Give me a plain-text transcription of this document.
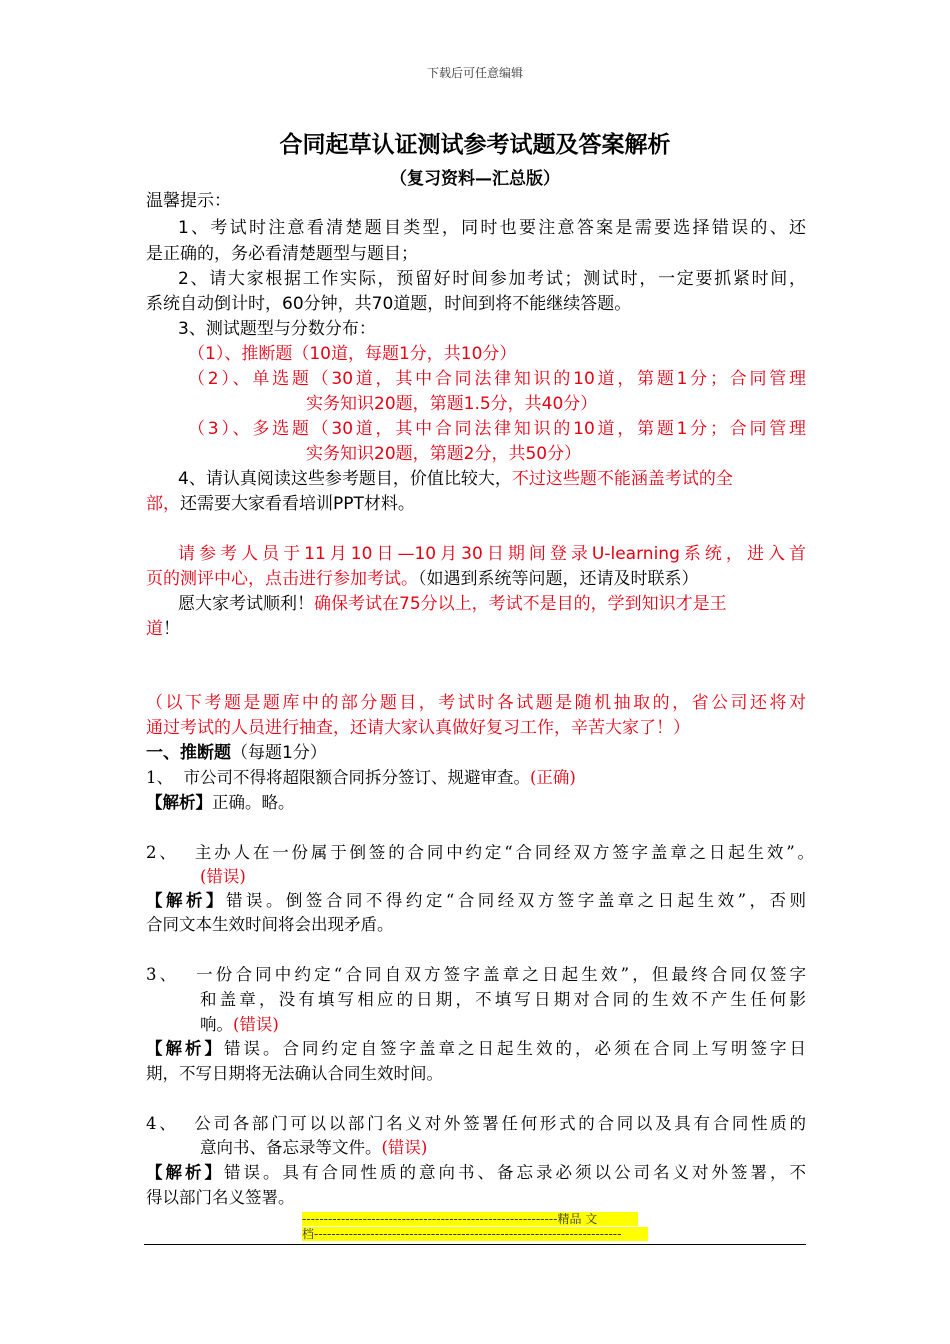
下载后可任意编辑
合同起草认证测试参考试题及答案解析
（复习资料—汇总版）
温馨提示：
1、考试时注意看清楚题目类型，同时也要注意答案是需要选择错误的、还
是正确的，务必看清楚题型与题目；
2、请大家根据工作实际，预留好时间参加考试；测试时，一定要抓紧时间，
系统自动倒计时，60分钟，共70道题，时间到将不能继续答题。
3、测试题型与分数分布：
（1）、推断题（10道，每题1分，共10分）
（2）、单选题（30道，其中合同法律知识的10道，第题1分；合同管理
实务知识20题，第题1.5分，共40分）
（3）、多选题（30道，其中合同法律知识的10道，第题1分；合同管理
实务知识20题，第题2分，共50分）
4、请认真阅读这些参考题目，价值比较大，不过这些题不能涵盖考试的全
部，还需要大家看看培训PPT材料。
请参考人员于11月10日—10月30日期间登录U-learning系统，进入首
页的测评中心，点击进行参加考试。（如遇到系统等问题，还请及时联系）
愿大家考试顺利！确保考试在75分以上，考试不是目的，学到知识才是王
道！
（以下考题是题库中的部分题目，考试时各试题是随机抽取的，省公司还将对
通过考试的人员进行抽查，还请大家认真做好复习工作，辛苦大家了！）
一、推断题（每题1分）
1、 市公司不得将超限额合同拆分签订、规避审查。(正确)
【解析】正确。略。
2、 主办人在一份属于倒签的合同中约定“合同经双方签字盖章之日起生效”。
(错误)
【解析】错误。倒签合同不得约定“合同经双方签字盖章之日起生效”，否则
合同文本生效时间将会出现矛盾。
3、 一份合同中约定“合同自双方签字盖章之日起生效”，但最终合同仅签字
和盖章，没有填写相应的日期，不填写日期对合同的生效不产生任何影
响。(错误)
【解析】错误。合同约定自签字盖章之日起生效的，必须在合同上写明签字日
期，不写日期将无法确认合同生效时间。
4、 公司各部门可以以部门名义对外签署任何形式的合同以及具有合同性质的
意向书、备忘录等文件。(错误)
【解析】错误。具有合同性质的意向书、备忘录必须以公司名义对外签署，不
得以部门名义签署。
-----------------------------------------------------------精品 文
档-----------------------------------------------------------------------
